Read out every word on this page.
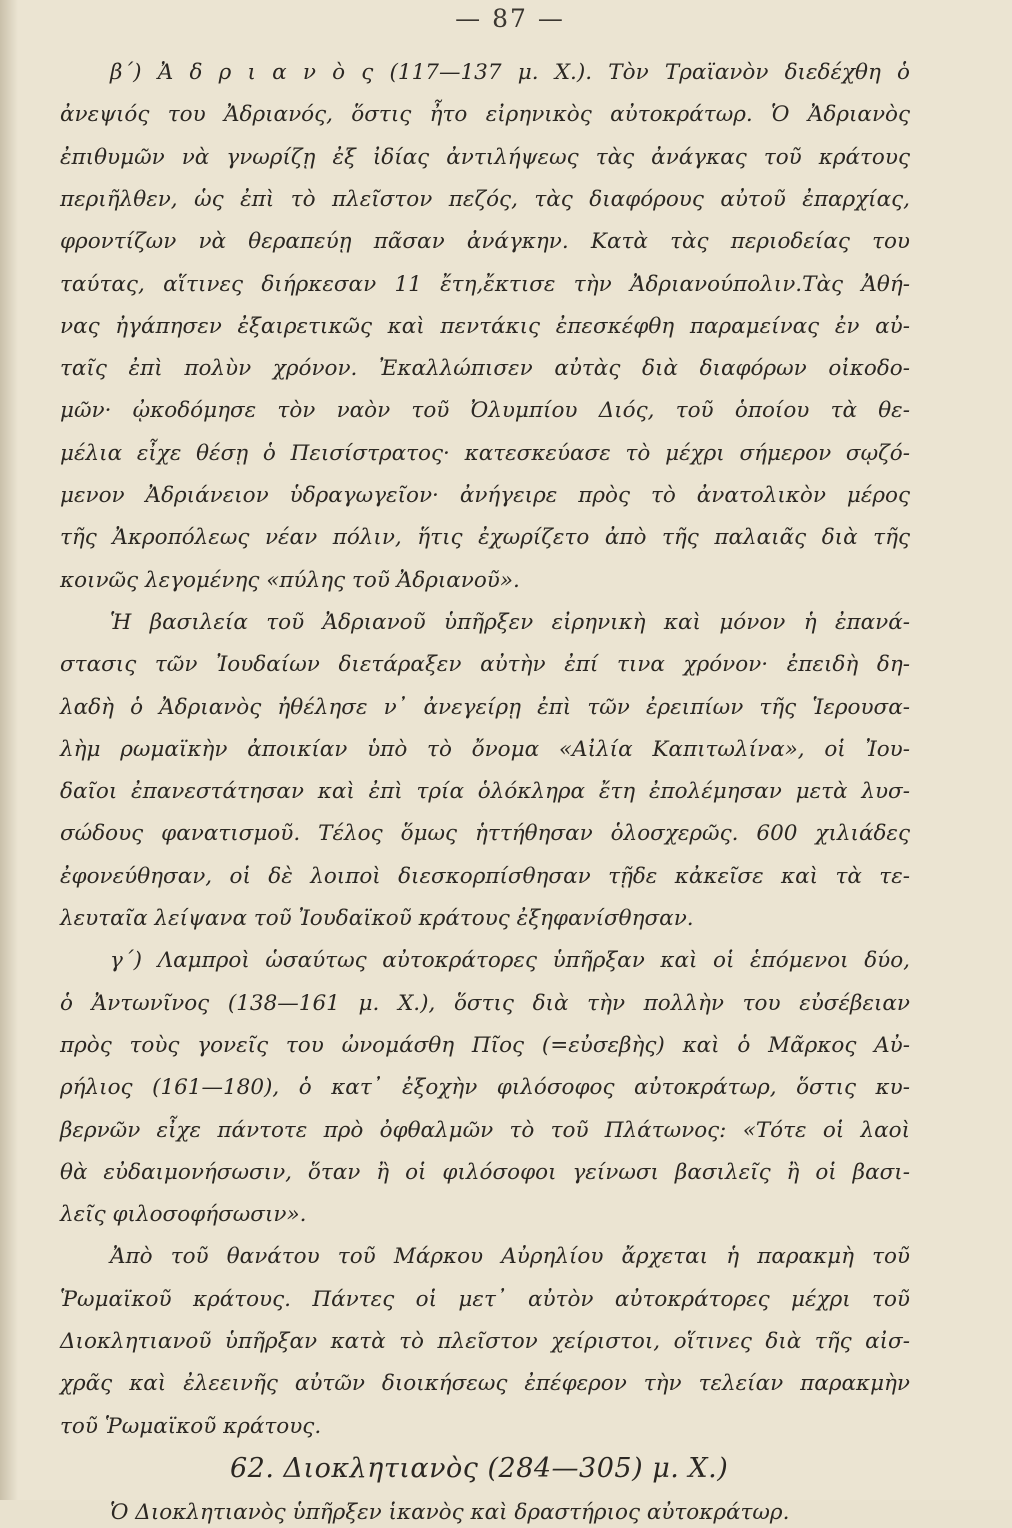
— 87 —
β΄) Ἀ δ ρ ι α ν ὸ ς (117—137 μ. Χ.). Τὸν Τραϊανὸν διεδέχθη ὁ
ἀνεψιός του Ἀδριανός, ὅστις ἦτο εἰρηνικὸς αὐτοκράτωρ. Ὁ Ἀδριανὸς
ἐπιθυμῶν νὰ γνωρίζῃ ἐξ ἰδίας ἀντιλήψεως τὰς ἀνάγκας τοῦ κράτους
περιῆλθεν, ὡς ἐπὶ τὸ πλεῖστον πεζός, τὰς διαφόρους αὐτοῦ ἐπαρχίας,
φροντίζων νὰ θεραπεύῃ πᾶσαν ἀνάγκην. Κατὰ τὰς περιοδείας του
ταύτας, αἵτινες διήρκεσαν 11 ἔτη,ἔκτισε τὴν Ἀδριανούπολιν.Τὰς Ἀθή-
νας ἠγάπησεν ἐξαιρετικῶς καὶ πεντάκις ἐπεσκέφθη παραμείνας ἐν αὐ-
ταῖς ἐπὶ πολὺν χρόνον. Ἐκαλλώπισεν αὐτὰς διὰ διαφόρων οἰκοδο-
μῶν· ᾠκοδόμησε τὸν ναὸν τοῦ Ὀλυμπίου Διός, τοῦ ὁποίου τὰ θε-
μέλια εἶχε θέσῃ ὁ Πεισίστρατος· κατεσκεύασε τὸ μέχρι σήμερον σῳζό-
μενον Ἀδριάνειον ὑδραγωγεῖον· ἀνήγειρε πρὸς τὸ ἀνατολικὸν μέρος
τῆς Ἀκροπόλεως νέαν πόλιν, ἥτις ἐχωρίζετο ἀπὸ τῆς παλαιᾶς διὰ τῆς
κοινῶς λεγομένης «πύλης τοῦ Ἀδριανοῦ».
Ἡ βασιλεία τοῦ Ἀδριανοῦ ὑπῆρξεν εἰρηνικὴ καὶ μόνον ἡ ἐπανά-
στασις τῶν Ἰουδαίων διετάραξεν αὐτὴν ἐπί τινα χρόνον· ἐπειδὴ δη-
λαδὴ ὁ Ἀδριανὸς ἠθέλησε ν᾽ ἀνεγείρῃ ἐπὶ τῶν ἐρειπίων τῆς Ἱερουσα-
λὴμ ρωμαϊκὴν ἀποικίαν ὑπὸ τὸ ὄνομα «Αἰλία Καπιτωλίνα», οἱ Ἰου-
δαῖοι ἐπανεστάτησαν καὶ ἐπὶ τρία ὁλόκληρα ἔτη ἐπολέμησαν μετὰ λυσ-
σώδους φανατισμοῦ. Τέλος ὅμως ἡττήθησαν ὁλοσχερῶς. 600 χιλιάδες
ἐφονεύθησαν, οἱ δὲ λοιποὶ διεσκορπίσθησαν τῇδε κἀκεῖσε καὶ τὰ τε-
λευταῖα λείψανα τοῦ Ἰουδαϊκοῦ κράτους ἐξηφανίσθησαν.
γ΄) Λαμπροὶ ὡσαύτως αὐτοκράτορες ὑπῆρξαν καὶ οἱ ἑπόμενοι δύο,
ὁ Ἀντωνῖνος (138—161 μ. Χ.), ὅστις διὰ τὴν πολλὴν του εὐσέβειαν
πρὸς τοὺς γονεῖς του ὠνομάσθη Πῖος (=εὐσεβὴς) καὶ ὁ Μᾶρκος Αὐ-
ρήλιος (161—180), ὁ κατ᾽ ἐξοχὴν φιλόσοφος αὐτοκράτωρ, ὅστις κυ-
βερνῶν εἶχε πάντοτε πρὸ ὀφθαλμῶν τὸ τοῦ Πλάτωνος: «Τότε οἱ λαοὶ
θὰ εὐδαιμονήσωσιν, ὅταν ἢ οἱ φιλόσοφοι γείνωσι βασιλεῖς ἢ οἱ βασι-
λεῖς φιλοσοφήσωσιν».
Ἀπὸ τοῦ θανάτου τοῦ Μάρκου Αὐρηλίου ἄρχεται ἡ παρακμὴ τοῦ
Ῥωμαϊκοῦ κράτους. Πάντες οἱ μετ᾽ αὐτὸν αὐτοκράτορες μέχρι τοῦ
Διοκλητιανοῦ ὑπῆρξαν κατὰ τὸ πλεῖστον χείριστοι, οἵτινες διὰ τῆς αἰσ-
χρᾶς καὶ ἐλεεινῆς αὐτῶν διοικήσεως ἐπέφερον τὴν τελείαν παρακμὴν
τοῦ Ῥωμαϊκοῦ κράτους.
62. Διοκλητιανὸς (284—305) μ. Χ.)
Ὁ Διοκλητιανὸς ὑπῆρξεν ἱκανὸς καὶ δραστήριος αὐτοκράτωρ.
